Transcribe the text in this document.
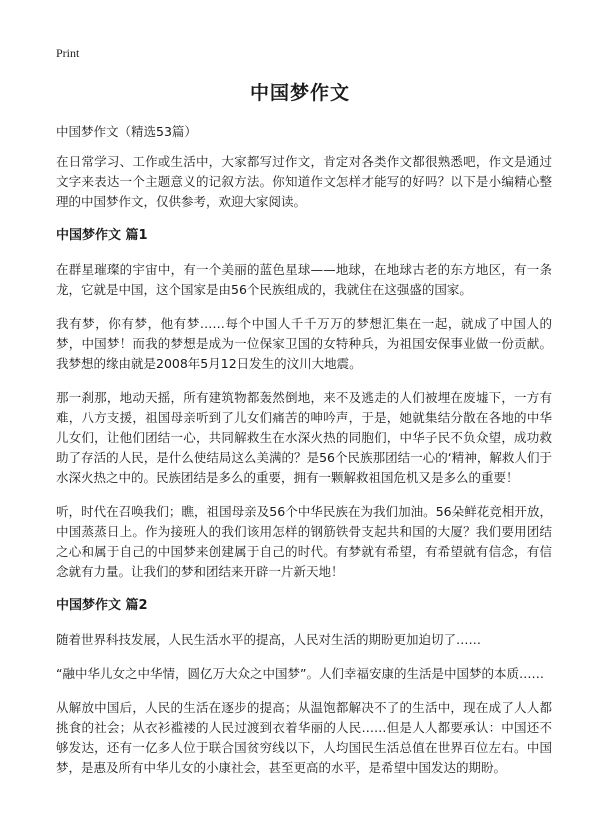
Print
中国梦作文

中国梦作文（精选53篇）

在日常学习、工作或生活中，大家都写过作文，肯定对各类作文都很熟悉吧，作文是通过文字来表达一个主题意义的记叙方法。你知道作文怎样才能写的好吗？以下是小编精心整理的中国梦作文，仅供参考，欢迎大家阅读。

中国梦作文 篇1

在群星璀璨的宇宙中，有一个美丽的蓝色星球——地球，在地球古老的东方地区，有一条龙，它就是中国，这个国家是由56个民族组成的，我就住在这强盛的国家。

我有梦，你有梦，他有梦……每个中国人千千万万的梦想汇集在一起，就成了中国人的梦，中国梦！而我的梦想是成为一位保家卫国的女特种兵，为祖国安保事业做一份贡献。我梦想的缘由就是2008年5月12日发生的汶川大地震。

那一刹那，地动天摇，所有建筑物都轰然倒地，来不及逃走的人们被埋在废墟下，一方有难，八方支援，祖国母亲听到了儿女们痛苦的呻吟声，于是，她就集结分散在各地的中华儿女们，让他们团结一心，共同解救生在水深火热的同胞们，中华子民不负众望，成功救助了存活的人民，是什么使结局这么美满的？是56个民族那团结一心的‘精神，解救人们于水深火热之中的。民族团结是多么的重要，拥有一颗解救祖国危机又是多么的重要！

听，时代在召唤我们；瞧，祖国母亲及56个中华民族在为我们加油。56朵鲜花竞相开放，中国蒸蒸日上。作为接班人的我们该用怎样的钢筋铁骨支起共和国的大厦？我们要用团结之心和属于自己的中国梦来创建属于自己的时代。有梦就有希望，有希望就有信念，有信念就有力量。让我们的梦和团结来开辟一片新天地！

中国梦作文 篇2

随着世界科技发展，人民生活水平的提高，人民对生活的期盼更加迫切了……

“融中华儿女之中华情，圆亿万大众之中国梦”。人们幸福安康的生活是中国梦的本质……

从解放中国后，人民的生活在逐步的提高；从温饱都解决不了的生活中，现在成了人人都挑食的社会；从衣衫褴褛的人民过渡到衣着华丽的人民……但是人人都要承认：中国还不够发达，还有一亿多人位于联合国贫穷线以下，人均国民生活总值在世界百位左右。中国梦，是惠及所有中华儿女的小康社会，甚至更高的水平，是希望中国发达的期盼。
